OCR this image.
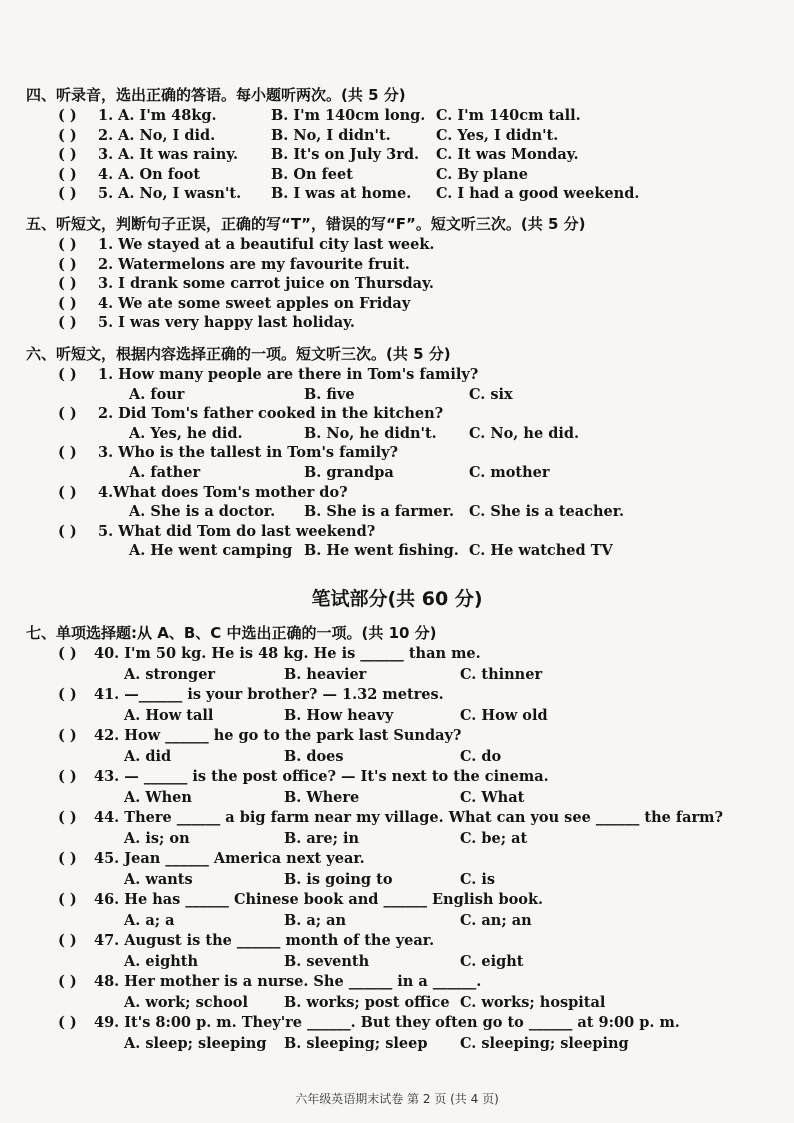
四、听录音，选出正确的答语。每小题听两次。(共 5 分)
( ) 1. A. I'm 48kg.	B. I'm 140cm long. C. I'm 140cm tall.
( ) 2. A. No, I did.	B. No, I didn't.	C. Yes, I didn't.
( ) 3. A. It was rainy. B. It's on July 3rd. C. It was Monday.
( ) 4. A. On foot	B. On feet	C. By plane
( ) 5. A. No, I wasn't. B. I was at home. C. I had a good weekend.
五、听短文，判断句子正误，正确的写“T”，错误的写“F”。短文听三次。(共 5 分)
( ) 1. We stayed at a beautiful city last week.
( ) 2. Watermelons are my favourite fruit.
( ) 3. I drank some carrot juice on Thursday.
( ) 4. We ate some sweet apples on Friday
( ) 5. I was very happy last holiday.
六、听短文，根据内容选择正确的一项。短文听三次。(共 5 分)
( ) 1. How many people are there in Tom's family?
A. four	B. five	C. six
( ) 2. Did Tom's father cooked in the kitchen?
A. Yes, he did.	B. No, he didn't. C. No, he did.
( ) 3. Who is the tallest in Tom's family?
A. father	B. grandpa	C. mother
( ) 4.What does Tom's mother do?
A. She is a doctor. B. She is a farmer. C. She is a teacher.
( ) 5. What did Tom do last weekend?
A. He went camping B. He went fishing. C. He watched TV
笔试部分(共 60 分)
七、单项选择题:从 A、B、C 中选出正确的一项。(共 10 分)
( ) 40. I'm 50 kg. He is 48 kg. He is ______ than me.
A. stronger	B. heavier	C. thinner
( ) 41. —______ is your brother? — 1.32 metres.
A. How tall	B. How heavy	C. How old
( ) 42. How ______ he go to the park last Sunday?
A. did	B. does	C. do
( ) 43. — ______ is the post office? — It's next to the cinema.
A. When	B. Where	C. What
( ) 44. There ______ a big farm near my village. What can you see ______ the farm?
A. is; on	B. are; in	C. be; at
( ) 45. Jean ______ America next year.
A. wants	B. is going to	C. is
( ) 46. He has ______ Chinese book and ______ English book.
A. a; a	B. a; an	C. an; an
( ) 47. August is the ______ month of the year.
A. eighth	B. seventh	C. eight
( ) 48. Her mother is a nurse. She ______ in a ______.
A. work; school B. works; post office C. works; hospital
( ) 49. It's 8:00 p. m. They're ______. But they often go to ______ at 9:00 p. m.
A. sleep; sleeping B. sleeping; sleep C. sleeping; sleeping
六年级英语期末试卷 第 2 页 (共 4 页)
